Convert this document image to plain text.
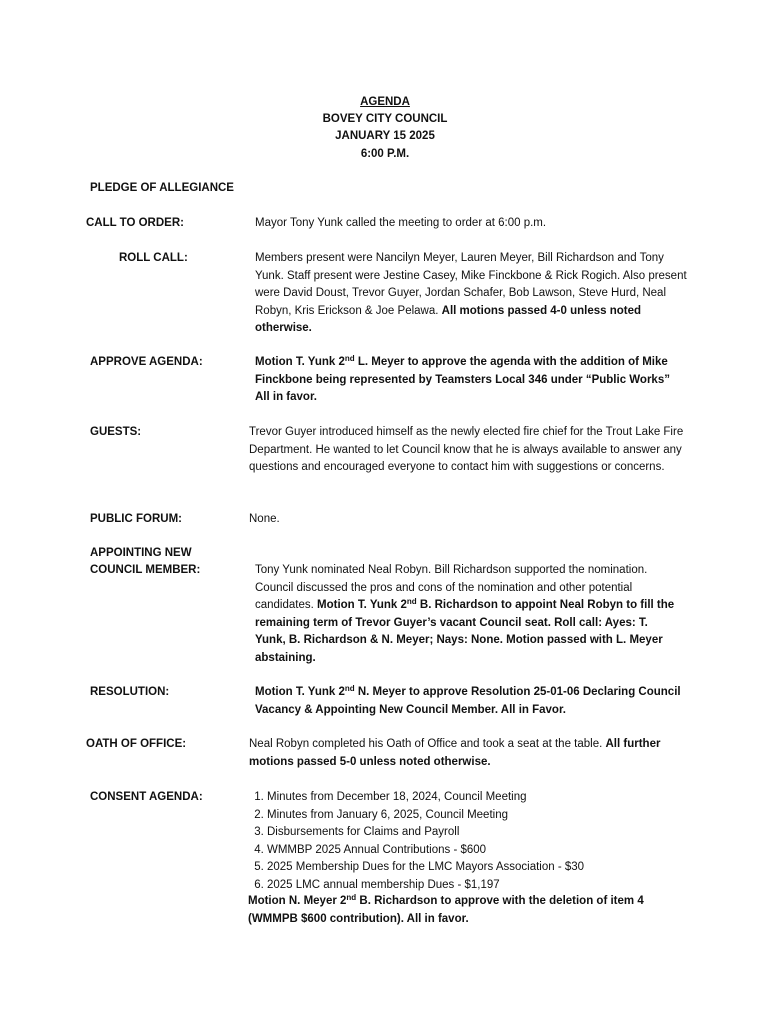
AGENDA
BOVEY CITY COUNCIL
JANUARY 15 2025
6:00 P.M.
PLEDGE OF ALLEGIANCE
CALL TO ORDER:	Mayor Tony Yunk called the meeting to order at 6:00 p.m.
ROLL CALL:	Members present were Nancilyn Meyer, Lauren Meyer, Bill Richardson and Tony Yunk. Staff present were Jestine Casey, Mike Finckbone & Rick Rogich. Also present were David Doust, Trevor Guyer, Jordan Schafer, Bob Lawson, Steve Hurd, Neal Robyn, Kris Erickson & Joe Pelawa. All motions passed 4-0 unless noted otherwise.
APPROVE AGENDA:	Motion T. Yunk 2nd L. Meyer to approve the agenda with the addition of Mike Finckbone being represented by Teamsters Local 346 under “Public Works” All in favor.
GUESTS:	Trevor Guyer introduced himself as the newly elected fire chief for the Trout Lake Fire Department. He wanted to let Council know that he is always available to answer any questions and encouraged everyone to contact him with suggestions or concerns.
PUBLIC FORUM:	None.
APPOINTING NEW
COUNCIL MEMBER:	Tony Yunk nominated Neal Robyn. Bill Richardson supported the nomination. Council discussed the pros and cons of the nomination and other potential candidates. Motion T. Yunk 2nd B. Richardson to appoint Neal Robyn to fill the remaining term of Trevor Guyer’s vacant Council seat. Roll call: Ayes: T. Yunk, B. Richardson & N. Meyer; Nays: None. Motion passed with L. Meyer abstaining.
RESOLUTION:	Motion T. Yunk 2nd N. Meyer to approve Resolution 25-01-06 Declaring Council Vacancy & Appointing New Council Member. All in Favor.
OATH OF OFFICE:	Neal Robyn completed his Oath of Office and took a seat at the table. All further motions passed 5-0 unless noted otherwise.
CONSENT AGENDA:
1.	Minutes from December 18, 2024, Council Meeting
2. Minutes from January 6, 2025, Council Meeting
3. Disbursements for Claims and Payroll
4. WMMBP 2025 Annual Contributions - $600
5. 2025 Membership Dues for the LMC Mayors Association - $30
6. 2025 LMC annual membership Dues - $1,197
Motion N. Meyer 2nd B. Richardson to approve with the deletion of item 4 (WMMPB $600 contribution). All in favor.
